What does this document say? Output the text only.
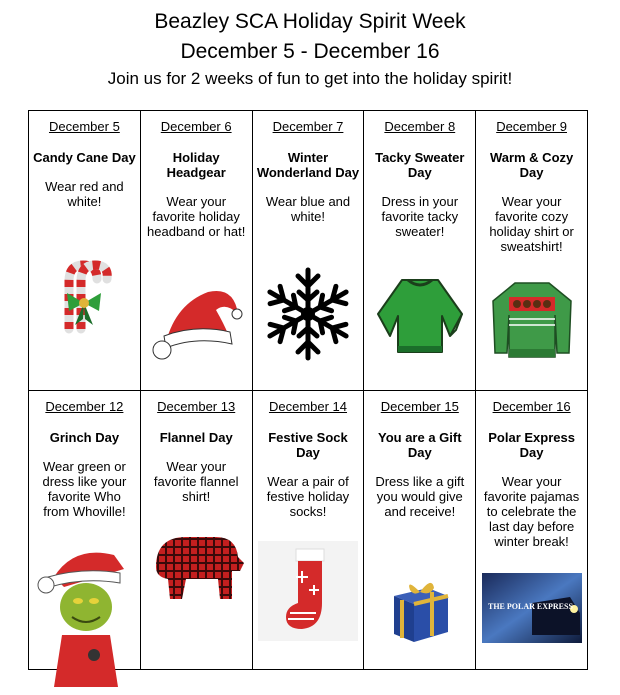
Beazley SCA Holiday Spirit Week
December 5 - December 16
Join us for 2 weeks of fun to get into the holiday spirit!
December 5
Candy Cane Day
Wear red and white!	December 6
Holiday Headgear
Wear your favorite holiday headband or hat!	December 7
Winter Wonderland Day
Wear blue and white!	December 8
Tacky Sweater Day
Dress in your favorite tacky sweater!	December 9
Warm & Cozy Day
Wear your favorite cozy holiday shirt or sweatshirt!

December 12
Grinch Day
Wear green or dress like your favorite Who from Whoville!	December 13
Flannel Day
Wear your favorite flannel shirt!	December 14
Festive Sock Day
Wear a pair of festive holiday socks!	December 15
You are a Gift Day
Dress like a gift you would give and receive!	December 16
Polar Express Day
Wear your favorite pajamas to celebrate the last day before winter break!
THE POLAR EXPRESS
